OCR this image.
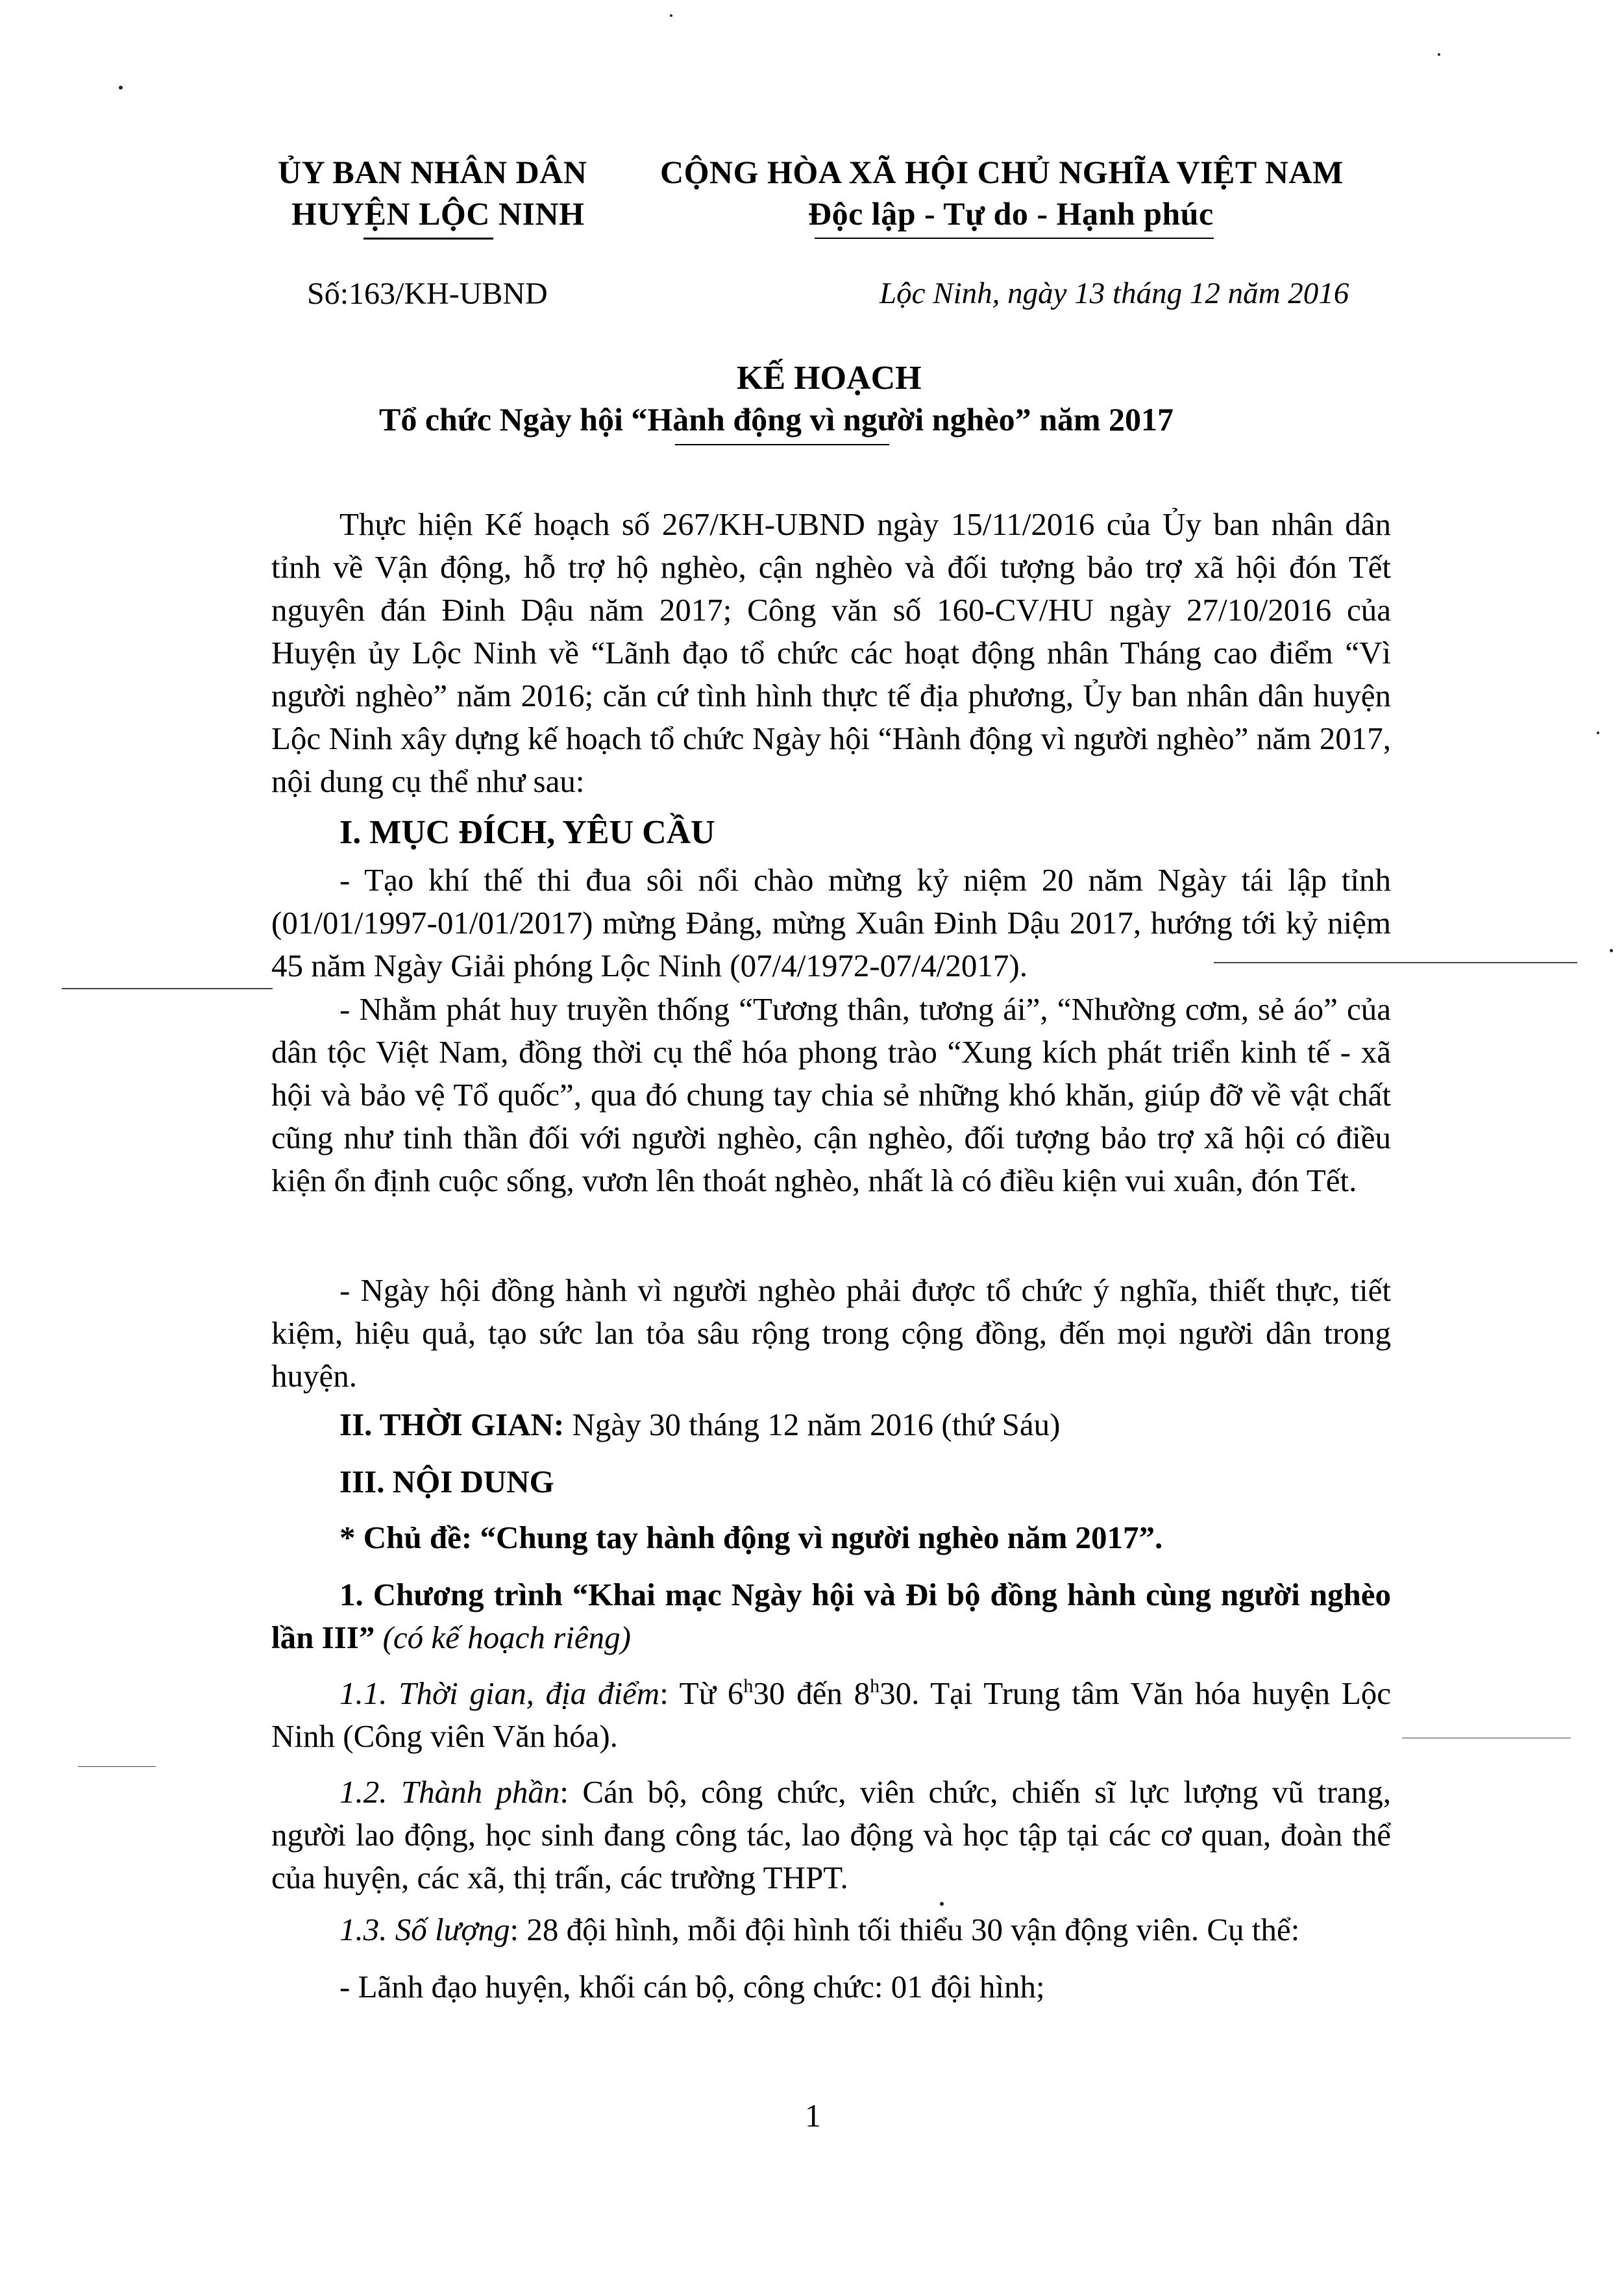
ỦY BAN NHÂN DÂN
HUYỆN LỘC NINH
CỘNG HÒA XÃ HỘI CHỦ NGHĨA VIỆT NAM
Độc lập - Tự do - Hạnh phúc
Số:163/KH-UBND	Lộc Ninh, ngày 13 tháng 12 năm 2016
KẾ HOẠCH
Tổ chức Ngày hội “Hành động vì người nghèo” năm 2017
Thực hiện Kế hoạch số 267/KH-UBND ngày 15/11/2016 của Ủy ban nhân dân tỉnh về Vận động, hỗ trợ hộ nghèo, cận nghèo và đối tượng bảo trợ xã hội đón Tết nguyên đán Đinh Dậu năm 2017; Công văn số 160-CV/HU ngày 27/10/2016 của Huyện ủy Lộc Ninh về “Lãnh đạo tổ chức các hoạt động nhân Tháng cao điểm “Vì người nghèo” năm 2016; căn cứ tình hình thực tế địa phương, Ủy ban nhân dân huyện Lộc Ninh xây dựng kế hoạch tổ chức Ngày hội “Hành động vì người nghèo” năm 2017, nội dung cụ thể như sau:
I. MỤC ĐÍCH, YÊU CẦU
- Tạo khí thế thi đua sôi nổi chào mừng kỷ niệm 20 năm Ngày tái lập tỉnh (01/01/1997-01/01/2017) mừng Đảng, mừng Xuân Đinh Dậu 2017, hướng tới kỷ niệm 45 năm Ngày Giải phóng Lộc Ninh (07/4/1972-07/4/2017).
- Nhằm phát huy truyền thống “Tương thân, tương ái”, “Nhường cơm, sẻ áo” của dân tộc Việt Nam, đồng thời cụ thể hóa phong trào “Xung kích phát triển kinh tế - xã hội và bảo vệ Tổ quốc”, qua đó chung tay chia sẻ những khó khăn, giúp đỡ về vật chất cũng như tinh thần đối với người nghèo, cận nghèo, đối tượng bảo trợ xã hội có điều kiện ổn định cuộc sống, vươn lên thoát nghèo, nhất là có điều kiện vui xuân, đón Tết.
- Ngày hội đồng hành vì người nghèo phải được tổ chức ý nghĩa, thiết thực, tiết kiệm, hiệu quả, tạo sức lan tỏa sâu rộng trong cộng đồng, đến mọi người dân trong huyện.
II. THỜI GIAN: Ngày 30 tháng 12 năm 2016 (thứ Sáu)
III. NỘI DUNG
* Chủ đề: “Chung tay hành động vì người nghèo năm 2017”.
1. Chương trình “Khai mạc Ngày hội và Đi bộ đồng hành cùng người nghèo lần III” (có kế hoạch riêng)
1.1. Thời gian, địa điểm: Từ 6$^h$30 đến 8$^h$30. Tại Trung tâm Văn hóa huyện Lộc Ninh (Công viên Văn hóa).
1.2. Thành phần: Cán bộ, công chức, viên chức, chiến sĩ lực lượng vũ trang, người lao động, học sinh đang công tác, lao động và học tập tại các cơ quan, đoàn thể của huyện, các xã, thị trấn, các trường THPT.
1.3. Số lượng: 28 đội hình, mỗi đội hình tối thiểu 30 vận động viên. Cụ thể:
- Lãnh đạo huyện, khối cán bộ, công chức: 01 đội hình;
1
